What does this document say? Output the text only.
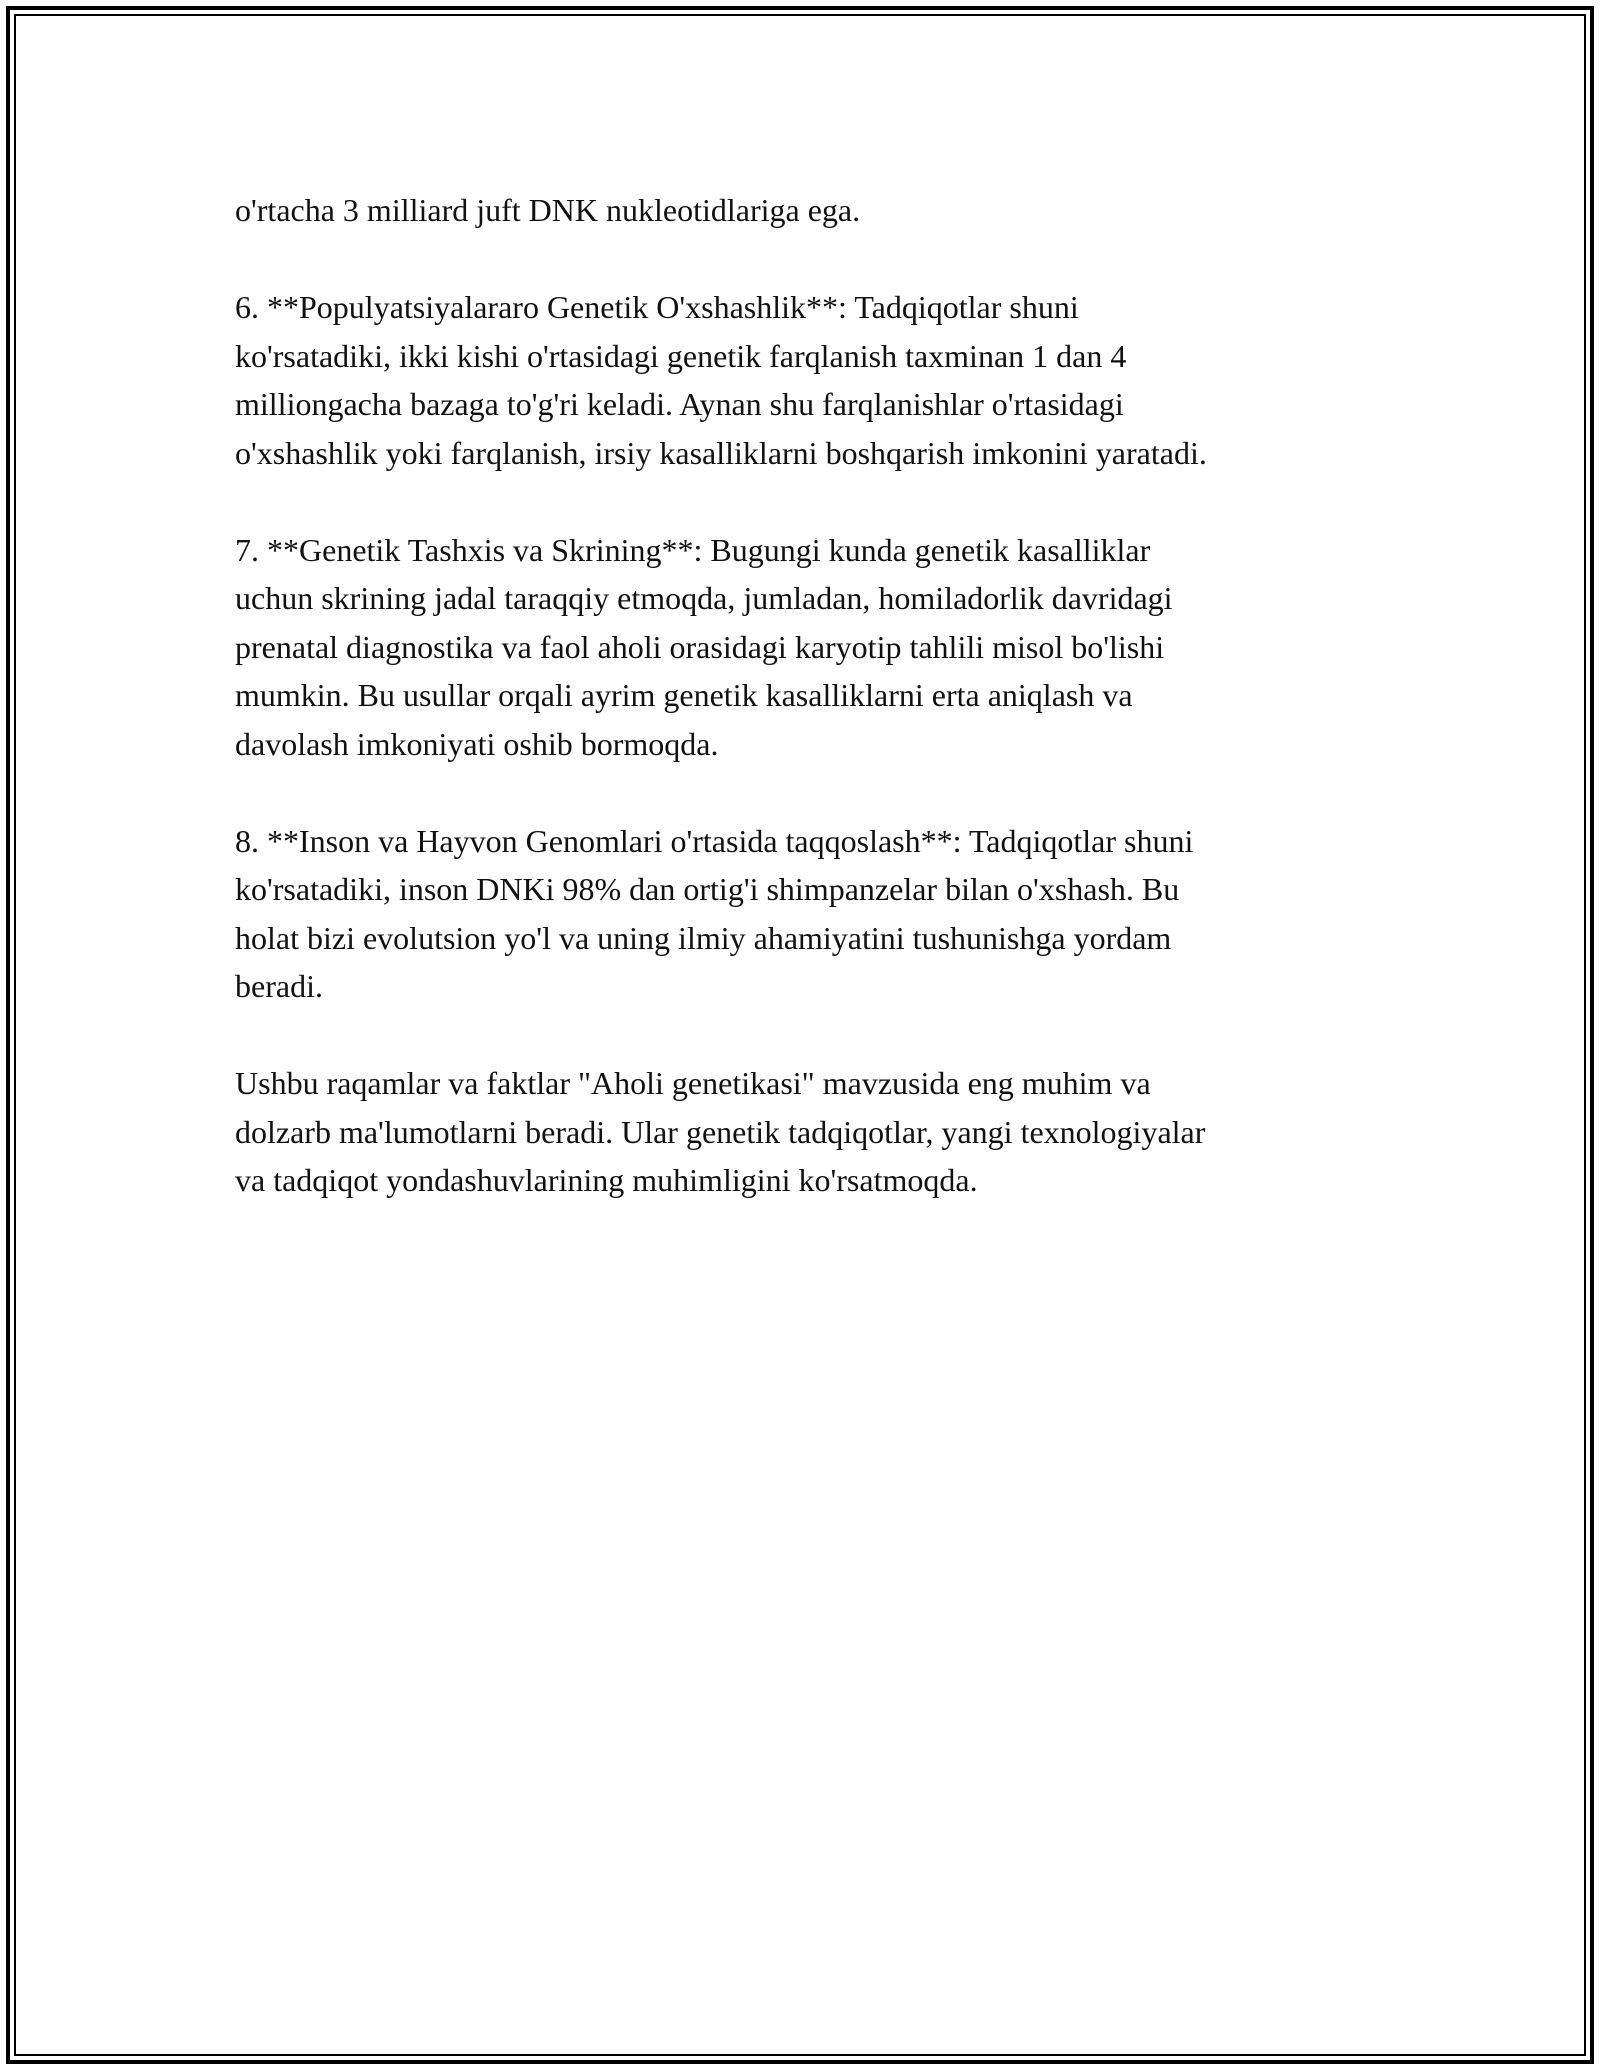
o'rtacha 3 milliard juft DNK nukleotidlariga ega.

6. **Populyatsiyalararo Genetik O'xshashlik**: Tadqiqotlar shuni
ko'rsatadiki, ikki kishi o'rtasidagi genetik farqlanish taxminan 1 dan 4
milliongacha bazaga to'g'ri keladi. Aynan shu farqlanishlar o'rtasidagi
o'xshashlik yoki farqlanish, irsiy kasalliklarni boshqarish imkonini yaratadi.

7. **Genetik Tashxis va Skrining**: Bugungi kunda genetik kasalliklar
uchun skrining jadal taraqqiy etmoqda, jumladan, homiladorlik davridagi
prenatal diagnostika va faol aholi orasidagi karyotip tahlili misol bo'lishi
mumkin. Bu usullar orqali ayrim genetik kasalliklarni erta aniqlash va
davolash imkoniyati oshib bormoqda.

8. **Inson va Hayvon Genomlari o'rtasida taqqoslash**: Tadqiqotlar shuni
ko'rsatadiki, inson DNKi 98% dan ortig'i shimpanzelar bilan o'xshash. Bu
holat bizi evolutsion yo'l va uning ilmiy ahamiyatini tushunishga yordam
beradi.

Ushbu raqamlar va faktlar "Aholi genetikasi" mavzusida eng muhim va
dolzarb ma'lumotlarni beradi. Ular genetik tadqiqotlar, yangi texnologiyalar
va tadqiqot yondashuvlarining muhimligini ko'rsatmoqda.
